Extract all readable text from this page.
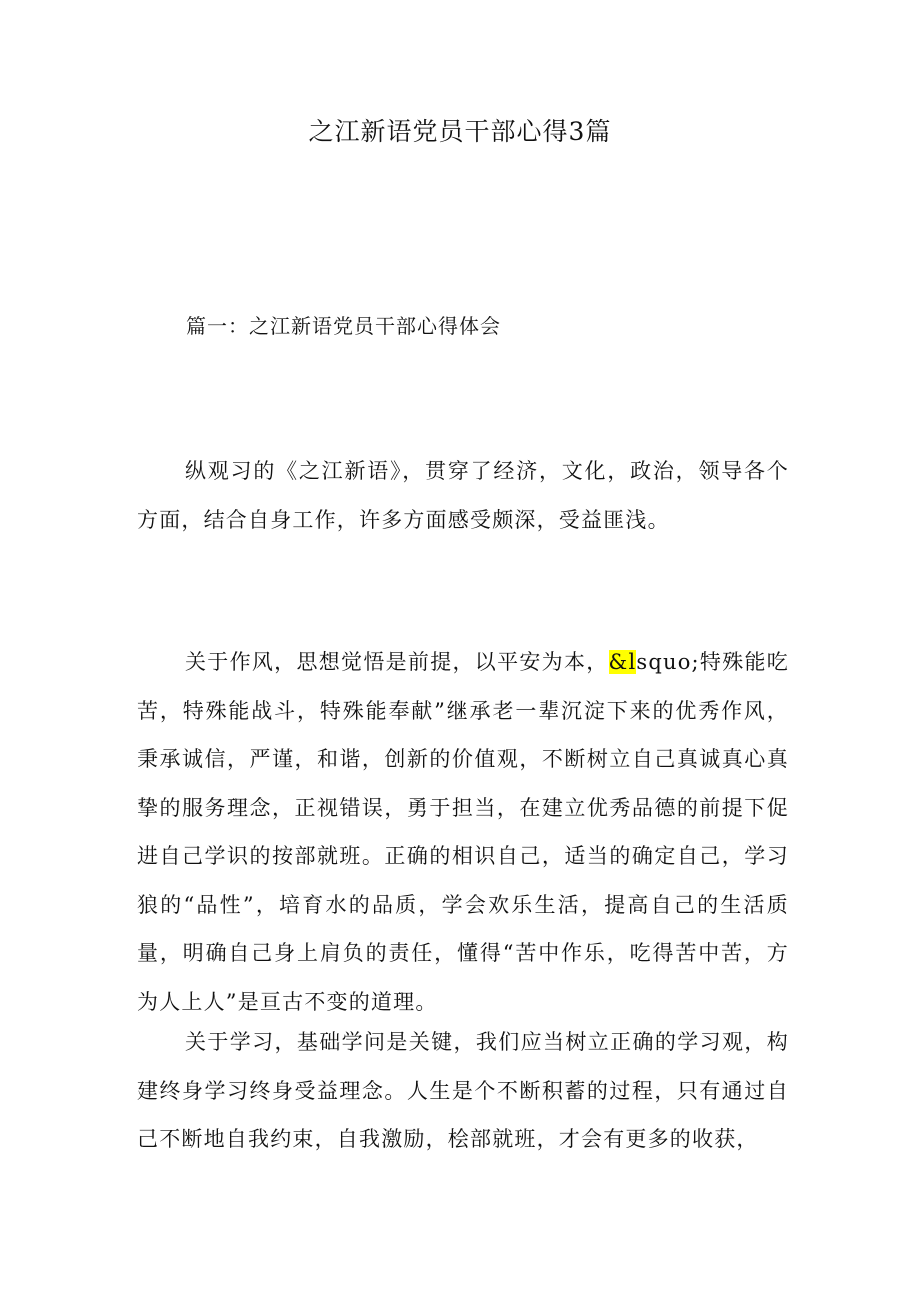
之江新语党员干部心得3篇
篇一：之江新语党员干部心得体会

纵观习的《之江新语》，贯穿了经济，文化，政治，领导各个方面，结合自身工作，许多方面感受颇深，受益匪浅。

关于作风，思想觉悟是前提，以平安为本，&lsquo;特殊能吃苦，特殊能战斗，特殊能奉献”继承老一辈沉淀下来的优秀作风，秉承诚信，严谨，和谐，创新的价值观，不断树立自己真诚真心真挚的服务理念，正视错误，勇于担当，在建立优秀品德的前提下促进自己学识的按部就班。正确的相识自己，适当的确定自己，学习狼的“品性”，培育水的品质，学会欢乐生活，提高自己的生活质量，明确自己身上肩负的责任，懂得“苦中作乐，吃得苦中苦，方为人上人”是亘古不变的道理。

关于学习，基础学问是关键，我们应当树立正确的学习观，构建终身学习终身受益理念。人生是个不断积蓄的过程，只有通过自己不断地自我约束，自我激励，桧部就班，才会有更多的收获，
